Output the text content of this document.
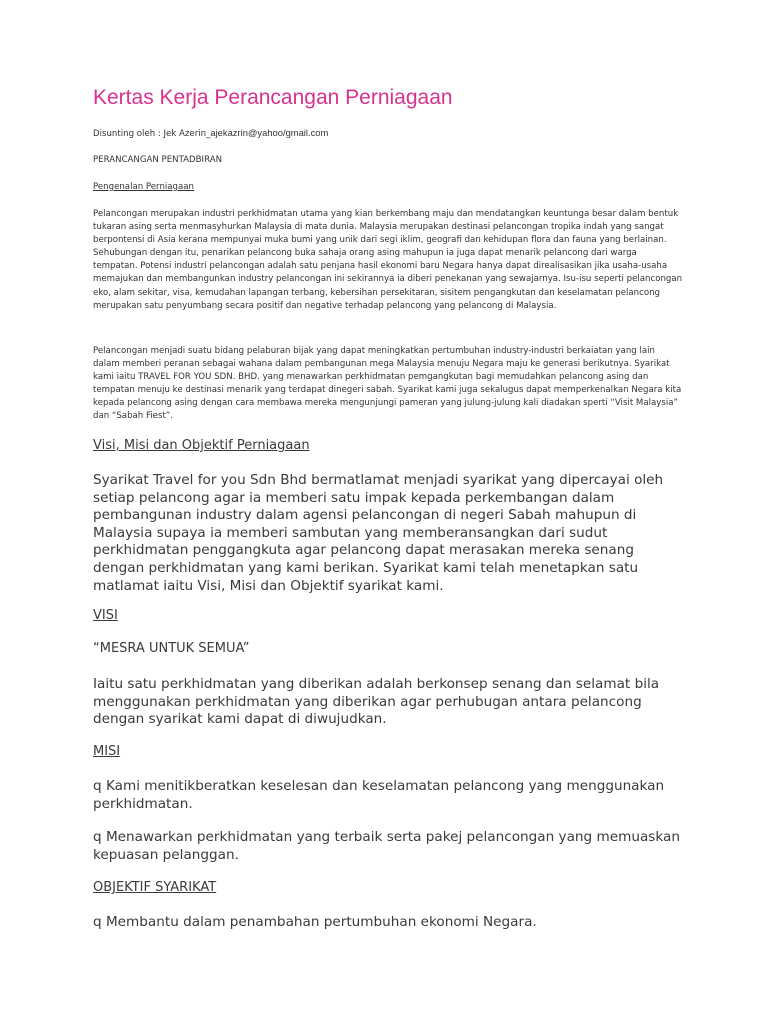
Kertas Kerja Perancangan Perniagaan
Disunting oleh : Jek Azerin_ajekazrin@yahoo/gmail.com
PERANCANGAN PENTADBIRAN
Pengenalan Perniagaan
Pelancongan merupakan industri perkhidmatan utama yang kian berkembang maju dan mendatangkan keuntunga besar dalam bentuk tukaran asing serta menmasyhurkan Malaysia di mata dunia. Malaysia merupakan destinasi pelancongan tropika indah yang sangat berpontensi di Asia kerana mempunyai muka bumi yang unik dari segi iklim, geografi dan kehidupan flora dan fauna yang berlainan. Sehubungan dengan itu, penarikan pelancong buka sahaja orang asing mahupun ia juga dapat menarik pelancong dari warga tempatan. Potensi industri pelancongan adalah satu penjana hasil ekonomi baru Negara hanya dapat direalisasikan jika usaha-usaha memajukan dan membangunkan industry pelancongan ini sekirannya ia diberi penekanan yang sewajarnya. Isu-isu seperti pelancongan eko, alam sekitar, visa, kemudahan lapangan terbang, kebersihan persekitaran, sisitem pengangkutan dan keselamatan pelancong merupakan satu penyumbang secara positif dan negative terhadap pelancong yang pelancong di Malaysia.
Pelancongan menjadi suatu bidang pelaburan bijak yang dapat meningkatkan pertumbuhan industry-industri berkaiatan yang lain dalam memberi peranan sebagai wahana dalam pembangunan mega Malaysia menuju Negara maju ke generasi berikutnya. Syarikat kami iaitu TRAVEL FOR YOU SDN. BHD. yang menawarkan perkhidmatan pemgangkutan bagi memudahkan pelancong asing dan tempatan menuju ke destinasi menarik yang terdapat dinegeri sabah. Syarikat kami juga sekalugus dapat memperkenalkan Negara kita kepada pelancong asing dengan cara membawa mereka mengunjungi pameran yang julung-julung kali diadakan sperti “Visit Malaysia” dan “Sabah Fiest”.
Visi, Misi dan Objektif Perniagaan
Syarikat Travel for you Sdn Bhd bermatlamat menjadi syarikat yang dipercayai oleh setiap pelancong agar ia memberi satu impak kepada perkembangan dalam pembangunan industry dalam agensi pelancongan di negeri Sabah mahupun di Malaysia supaya ia memberi sambutan yang memberansangkan dari sudut perkhidmatan penggangkuta agar pelancong dapat merasakan mereka senang dengan perkhidmatan yang kami berikan. Syarikat kami telah menetapkan satu matlamat iaitu Visi, Misi dan Objektif syarikat kami.
VISI
“MESRA UNTUK SEMUA”
Iaitu satu perkhidmatan yang diberikan adalah berkonsep senang dan selamat bila menggunakan perkhidmatan yang diberikan agar perhubugan antara pelancong dengan syarikat kami dapat di diwujudkan.
MISI
q Kami menitikberatkan keselesan dan keselamatan pelancong yang menggunakan perkhidmatan.
q Menawarkan perkhidmatan yang terbaik serta pakej pelancongan yang memuaskan kepuasan pelanggan.
OBJEKTIF SYARIKAT
q Membantu dalam penambahan pertumbuhan ekonomi Negara.
